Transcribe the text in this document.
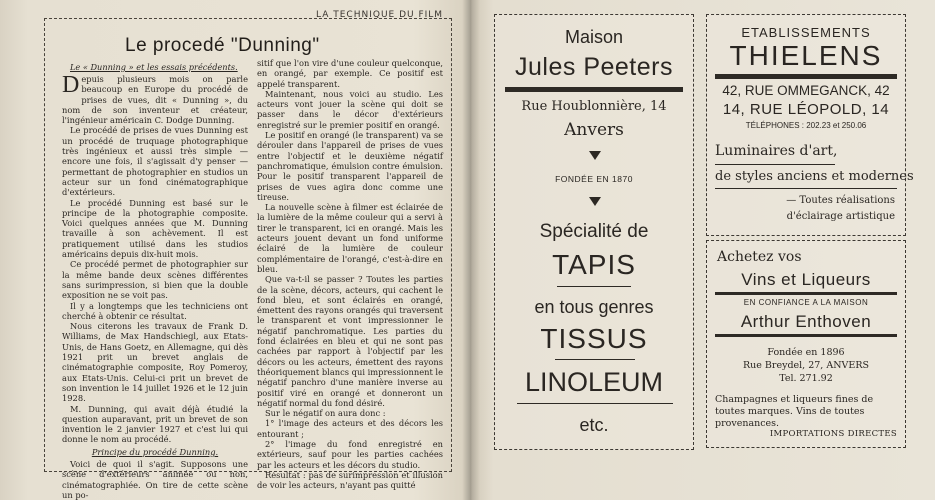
LA TECHNIQUE DU FILM
Le procedé "Dunning"
Le « Dunning » et les essais précédents.

Depuis plusieurs mois on parle beaucoup en Europe du procédé de prises de vues, dit « Dunning », du nom de son inventeur et créateur, l'ingénieur américain C. Dodge Dunning.

Le procédé de prises de vues Dunning est un procédé de truquage photographique très ingénieux et aussi très simple — encore une fois, il s'agissait d'y penser — permettant de photographier en studios un acteur sur un fond cinématographique d'extérieurs.

Le procédé Dunning est basé sur le principe de la photographie composite. Voici quelques années que M. Dunning travaille à son achèvement. Il est pratiquement utilisé dans les studios américains depuis dix-huit mois.

Ce procédé permet de photographier sur la même bande deux scènes différentes sans surimpression, si bien que la double exposition ne se voit pas.

Il y a longtemps que les techniciens ont cherché à obtenir ce résultat.

Nous citerons les travaux de Frank D. Williams, de Max Handschiegl, aux Etats-Unis, de Hans Goetz, en Allemagne, qui dès 1921 prit un brevet anglais de cinématographie composite, Roy Pomeroy, aux Etats-Unis. Celui-ci prit un brevet de son invention le 14 juillet 1926 et le 12 juin 1928.

M. Dunning, qui avait déjà étudié la question auparavant, prit un brevet de son invention le 2 janvier 1927 et c'est lui qui donne le nom au procédé.

Principe du procédé Dunning.

Voici de quoi il s'agit. Supposons une scène d'extérieurs animée ou non, cinématographiée. On tire de cette scène un po-

sitif que l'on vire d'une couleur quelconque, en orangé, par exemple. Ce positif est appelé transparent.

Maintenant, nous voici au studio. Les acteurs vont jouer la scène qui doit se passer dans le décor d'extérieurs enregistré sur le premier positif en orangé.

Le positif en orangé (le transparent) va se dérouler dans l'appareil de prises de vues entre l'objectif et le deuxième négatif panchromatique, émulsion contre émulsion. Pour le positif transparent l'appareil de prises de vues agira donc comme une tireuse.

La nouvelle scène à filmer est éclairée de la lumière de la même couleur qui a servi à tirer le transparent, ici en orangé. Mais les acteurs jouent devant un fond uniforme éclairé de la lumière de couleur complémentaire de l'orangé, c'est-à-dire en bleu.

Que va-t-il se passer ? Toutes les parties de la scène, décors, acteurs, qui cachent le fond bleu, et sont éclairés en orangé, émettent des rayons orangés qui traversent le transparent et vont impressionner le négatif panchromatique. Les parties du fond éclairées en bleu et qui ne sont pas cachées par rapport à l'objectif par les décors ou les acteurs, émettent des rayons théoriquement blancs qui impressionnent le négatif panchro d'une manière inverse au positif viré en orangé et donneront un négatif normal du fond désiré.

Sur le négatif on aura donc :

1° l'image des acteurs et des décors les entourant ;

2° l'image du fond enregistré en extérieurs, sauf pour les parties cachées par les acteurs et les décors du studio.

Résultat : pas de surimpression et illusion de voir les acteurs, n'ayant pas quitté

Maison
Jules Peeters
Rue Houblonnière, 14
Anvers
FONDÉE EN 1870
Spécialité de
TAPIS
en tous genres
TISSUS
LINOLEUM
etc.
ETABLISSEMENTS
THIELENS
42, RUE OMMEGANCK, 42
14, RUE LÉOPOLD, 14
TÉLÉPHONES : 202.23 et 250.06
Luminaires d'art,
de styles anciens et modernes
— Toutes réalisations
d'éclairage artistique
Achetez vos
Vins et Liqueurs
EN CONFIANCE A LA MAISON
Arthur Enthoven
Fondée en 1896
Rue Breydel, 27, ANVERS
Tel. 271.92
Champagnes et liqueurs fines de
toutes marques. Vins de toutes
provenances.
IMPORTATIONS DIRECTES
